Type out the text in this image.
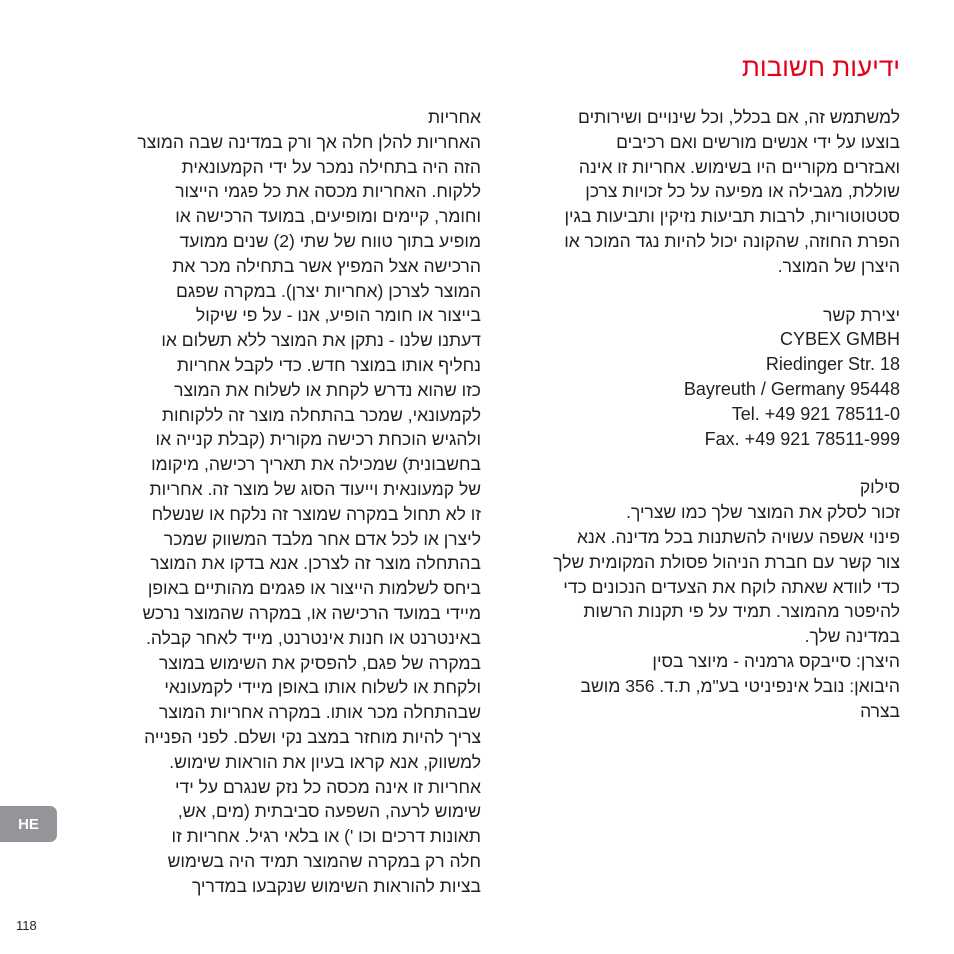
ידיעות חשובות
למשתמש זה, אם בכלל, וכל שינויים ושירותים
בוצעו על ידי אנשים מורשים ואם רכיבים
ואבזרים מקוריים היו בשימוש. אחריות זו אינה
שוללת, מגבילה או מפיעה על כל זכויות צרכן
סטטוטוריות, לרבות תביעות נזיקין ותביעות בגין
הפרת החוזה, שהקונה יכול להיות נגד המוכר או
היצרן של המוצר.
יצירת קשר
CYBEX GMBH
Riedinger Str. 18
Bayreuth / Germany 95448
Tel. +49 921 78511-0
Fax. +49 921 78511-999
סילוק
זכור לסלק את המוצר שלך כמו שצריך.
פינוי אשפה עשויה להשתנות בכל מדינה. אנא
צור קשר עם חברת הניהול פסולת המקומית שלך
כדי לוודא שאתה לוקח את הצעדים הנכונים כדי
להיפטר מהמוצר. תמיד על פי תקנות הרשות
במדינה שלך.
היצרן: סייבקס גרמניה - מיוצר בסין
היבואן: נובל אינפיניטי בע"מ, ת.ד. 356 מושב
בצרה
אחריות
האחריות להלן חלה אך ורק במדינה שבה המוצר
הזה היה בתחילה נמכר על ידי הקמעונאית
ללקוח. האחריות מכסה את כל פגמי הייצור
וחומר, קיימים ומופיעים, במועד הרכישה או
מופיע בתוך טווח של שתי (2) שנים ממועד
הרכישה אצל המפיץ אשר בתחילה מכר את
המוצר לצרכן (אחריות יצרן). במקרה שפגם
בייצור או חומר הופיע, אנו - על פי שיקול
דעתנו שלנו - נתקן את המוצר ללא תשלום או
נחליף אותו במוצר חדש. כדי לקבל אחריות
כזו שהוא נדרש לקחת או לשלוח את המוצר
לקמעונאי, שמכר בהתחלה מוצר זה ללקוחות
ולהגיש הוכחת רכישה מקורית (קבלת קנייה או
בחשבונית) שמכילה את תאריך רכישה, מיקומו
של קמעונאית וייעוד הסוג של מוצר זה. אחריות
זו לא תחול במקרה שמוצר זה נלקח או שנשלח
ליצרן או לכל אדם אחר מלבד המשווק שמכר
בהתחלה מוצר זה לצרכן. אנא בדקו את המוצר
ביחס לשלמות הייצור או פגמים מהותיים באופן
מיידי במועד הרכישה או, במקרה שהמוצר נרכש
באינטרנט או חנות אינטרנט, מייד לאחר קבלה.
במקרה של פגם, להפסיק את השימוש במוצר
ולקחת או לשלוח אותו באופן מיידי לקמעונאי
שבהתחלה מכר אותו. במקרה אחריות המוצר
צריך להיות מוחזר במצב נקי ושלם. לפני הפנייה
למשווק, אנא קראו בעיון את הוראות שימוש.
אחריות זו אינה מכסה כל נזק שנגרם על ידי
שימוש לרעה, השפעה סביבתית (מים, אש,
תאונות דרכים וכו ') או בלאי רגיל. אחריות זו
חלה רק במקרה שהמוצר תמיד היה בשימוש
בציות להוראות השימוש שנקבעו במדריך
HE
118
